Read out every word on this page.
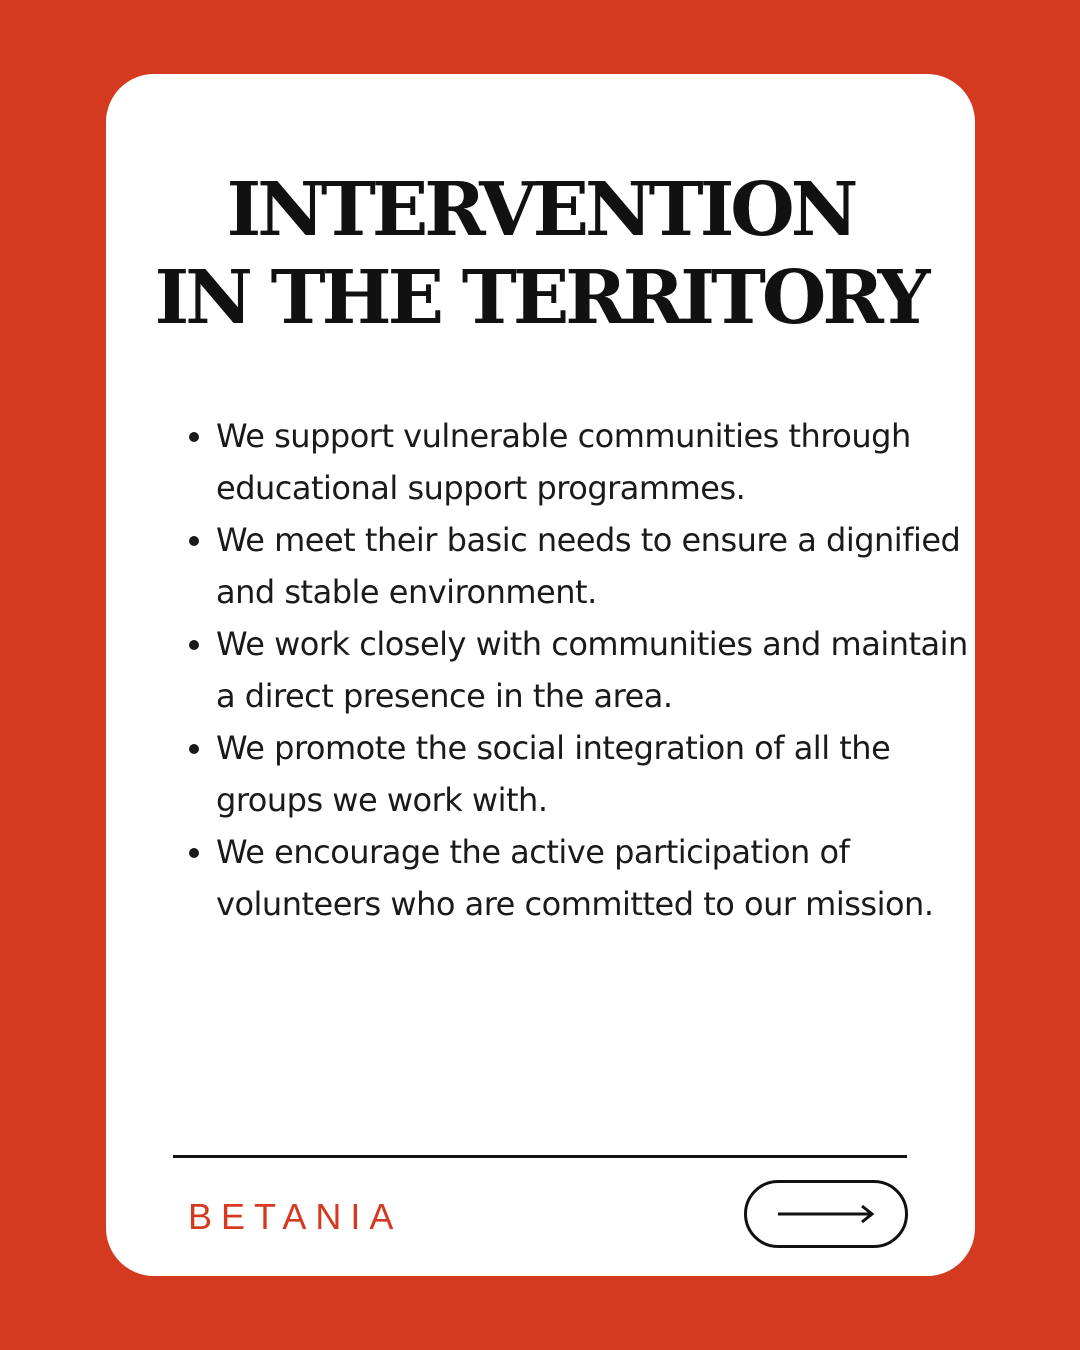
INTERVENTION
IN THE TERRITORY
• We support vulnerable communities through educational support programmes.
• We meet their basic needs to ensure a dignified and stable environment.
• We work closely with communities and maintain a direct presence in the area.
• We promote the social integration of all the groups we work with.
• We encourage the active participation of volunteers who are committed to our mission.
BETANIA
